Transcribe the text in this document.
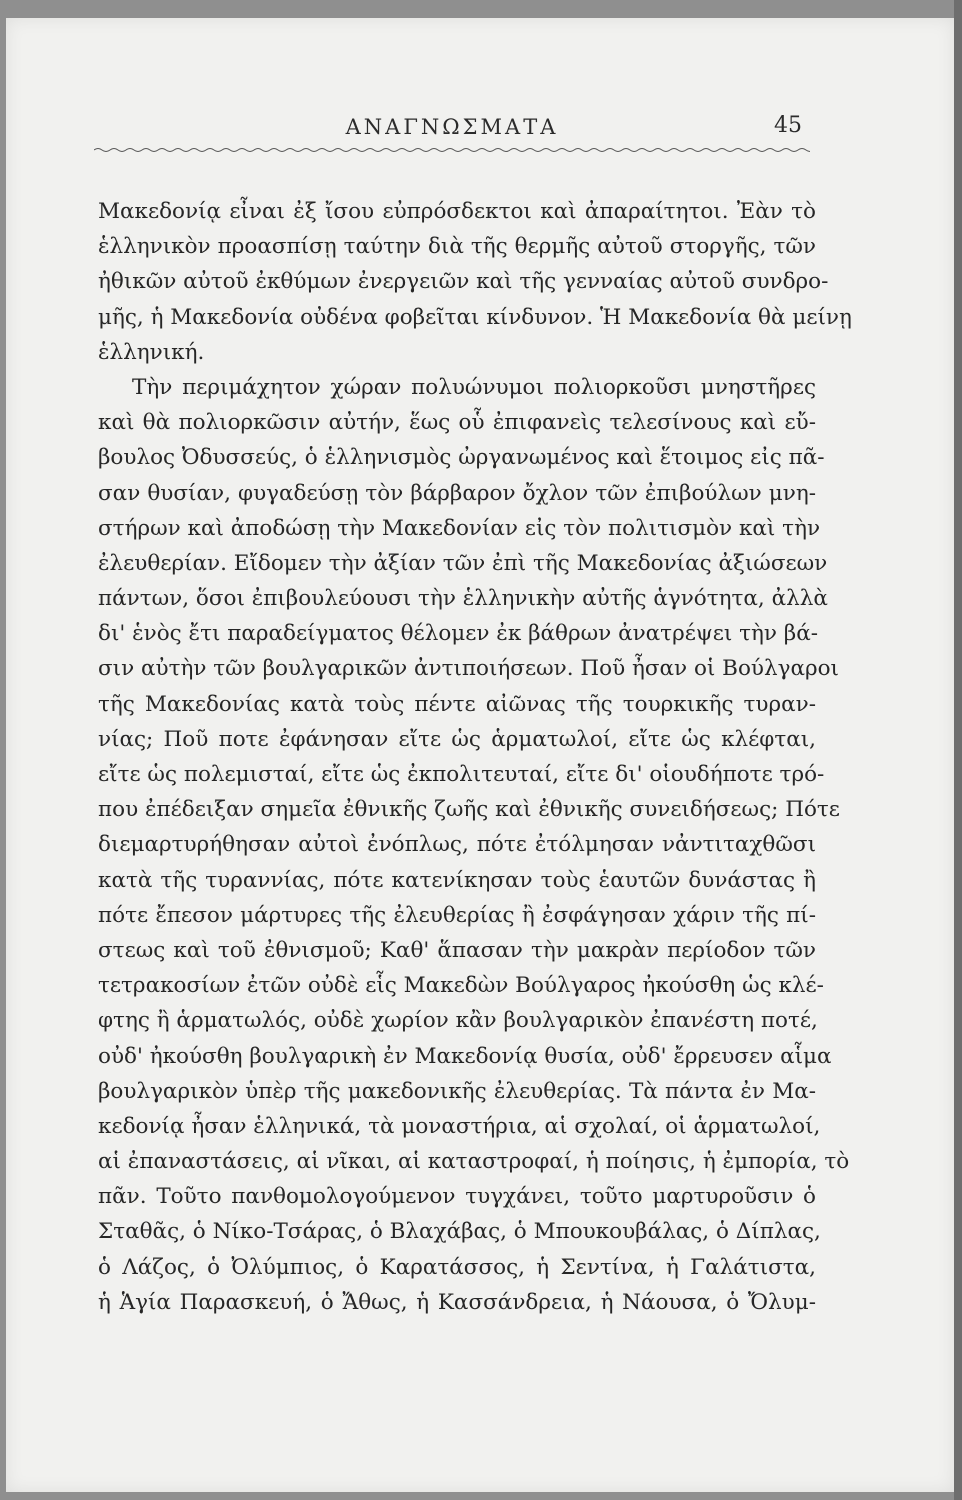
ΑΝΑΓΝΩΣΜΑΤΑ	45
Μακεδονίᾳ εἶναι ἐξ ἴσου εὐπρόσδεκτοι καὶ ἀπαραίτητοι. Ἐὰν τὸ
ἑλληνικὸν προασπίσῃ ταύτην διὰ τῆς θερμῆς αὐτοῦ στοργῆς, τῶν
ἠθικῶν αὐτοῦ ἐκθύμων ἐνεργειῶν καὶ τῆς γενναίας αὐτοῦ συνδρο-
μῆς, ἡ Μακεδονία οὐδένα φοβεῖται κίνδυνον. Ἡ Μακεδονία θὰ μείνῃ
ἑλληνική.
Τὴν περιμάχητον χώραν πολυώνυμοι πολιορκοῦσι μνηστῆρες
καὶ θὰ πολιορκῶσιν αὐτήν, ἕως οὗ ἐπιφανεὶς τελεσίνους καὶ εὔ-
βουλος Ὀδυσσεύς, ὁ ἑλληνισμὸς ὠργανωμένος καὶ ἕτοιμος εἰς πᾶ-
σαν θυσίαν, φυγαδεύσῃ τὸν βάρβαρον ὄχλον τῶν ἐπιβούλων μνη-
στήρων καὶ ἀποδώσῃ τὴν Μακεδονίαν εἰς τὸν πολιτισμὸν καὶ τὴν
ἐλευθερίαν. Εἴδομεν τὴν ἀξίαν τῶν ἐπὶ τῆς Μακεδονίας ἀξιώσεων
πάντων, ὅσοι ἐπιβουλεύουσι τὴν ἑλληνικὴν αὐτῆς ἁγνότητα, ἀλλὰ
δι' ἑνὸς ἔτι παραδείγματος θέλομεν ἐκ βάθρων ἀνατρέψει τὴν βά-
σιν αὐτὴν τῶν βουλγαρικῶν ἀντιποιήσεων. Ποῦ ἦσαν οἱ Βούλγαροι
τῆς Μακεδονίας κατὰ τοὺς πέντε αἰῶνας τῆς τουρκικῆς τυραν-
νίας; Ποῦ ποτε ἐφάνησαν εἴτε ὡς ἁρματωλοί, εἴτε ὡς κλέφται,
εἴτε ὡς πολεμισταί, εἴτε ὡς ἐκπολιτευταί, εἴτε δι' οἱουδήποτε τρό-
που ἐπέδειξαν σημεῖα ἐθνικῆς ζωῆς καὶ ἐθνικῆς συνειδήσεως; Πότε
διεμαρτυρήθησαν αὐτοὶ ἐνόπλως, πότε ἐτόλμησαν νἀντιταχθῶσι
κατὰ τῆς τυραννίας, πότε κατενίκησαν τοὺς ἑαυτῶν δυνάστας ἢ
πότε ἔπεσον μάρτυρες τῆς ἐλευθερίας ἢ ἐσφάγησαν χάριν τῆς πί-
στεως καὶ τοῦ ἐθνισμοῦ; Καθ' ἅπασαν τὴν μακρὰν περίοδον τῶν
τετρακοσίων ἐτῶν οὐδὲ εἷς Μακεδὼν Βούλγαρος ἠκούσθη ὡς κλέ-
φτης ἢ ἁρματωλός, οὐδὲ χωρίον κἂν βουλγαρικὸν ἐπανέστη ποτέ,
οὐδ' ἠκούσθη βουλγαρικὴ ἐν Μακεδονίᾳ θυσία, οὐδ' ἔρρευσεν αἷμα
βουλγαρικὸν ὑπὲρ τῆς μακεδονικῆς ἐλευθερίας. Τὰ πάντα ἐν Μα-
κεδονίᾳ ἦσαν ἑλληνικά, τὰ μοναστήρια, αἱ σχολαί, οἱ ἁρματωλοί,
αἱ ἐπαναστάσεις, αἱ νῖκαι, αἱ καταστροφαί, ἡ ποίησις, ἡ ἐμπορία, τὸ
πᾶν. Τοῦτο πανθομολογούμενον τυγχάνει, τοῦτο μαρτυροῦσιν ὁ
Σταθᾶς, ὁ Νίκο-Τσάρας, ὁ Βλαχάβας, ὁ Μπουκουβάλας, ὁ Δίπλας,
ὁ Λάζος, ὁ Ὀλύμπιος, ὁ Καρατάσσος, ἡ Σεντίνα, ἡ Γαλάτιστα,
ἡ Ἁγία Παρασκευή, ὁ Ἄθως, ἡ Κασσάνδρεια, ἡ Νάουσα, ὁ Ὄλυμ-
